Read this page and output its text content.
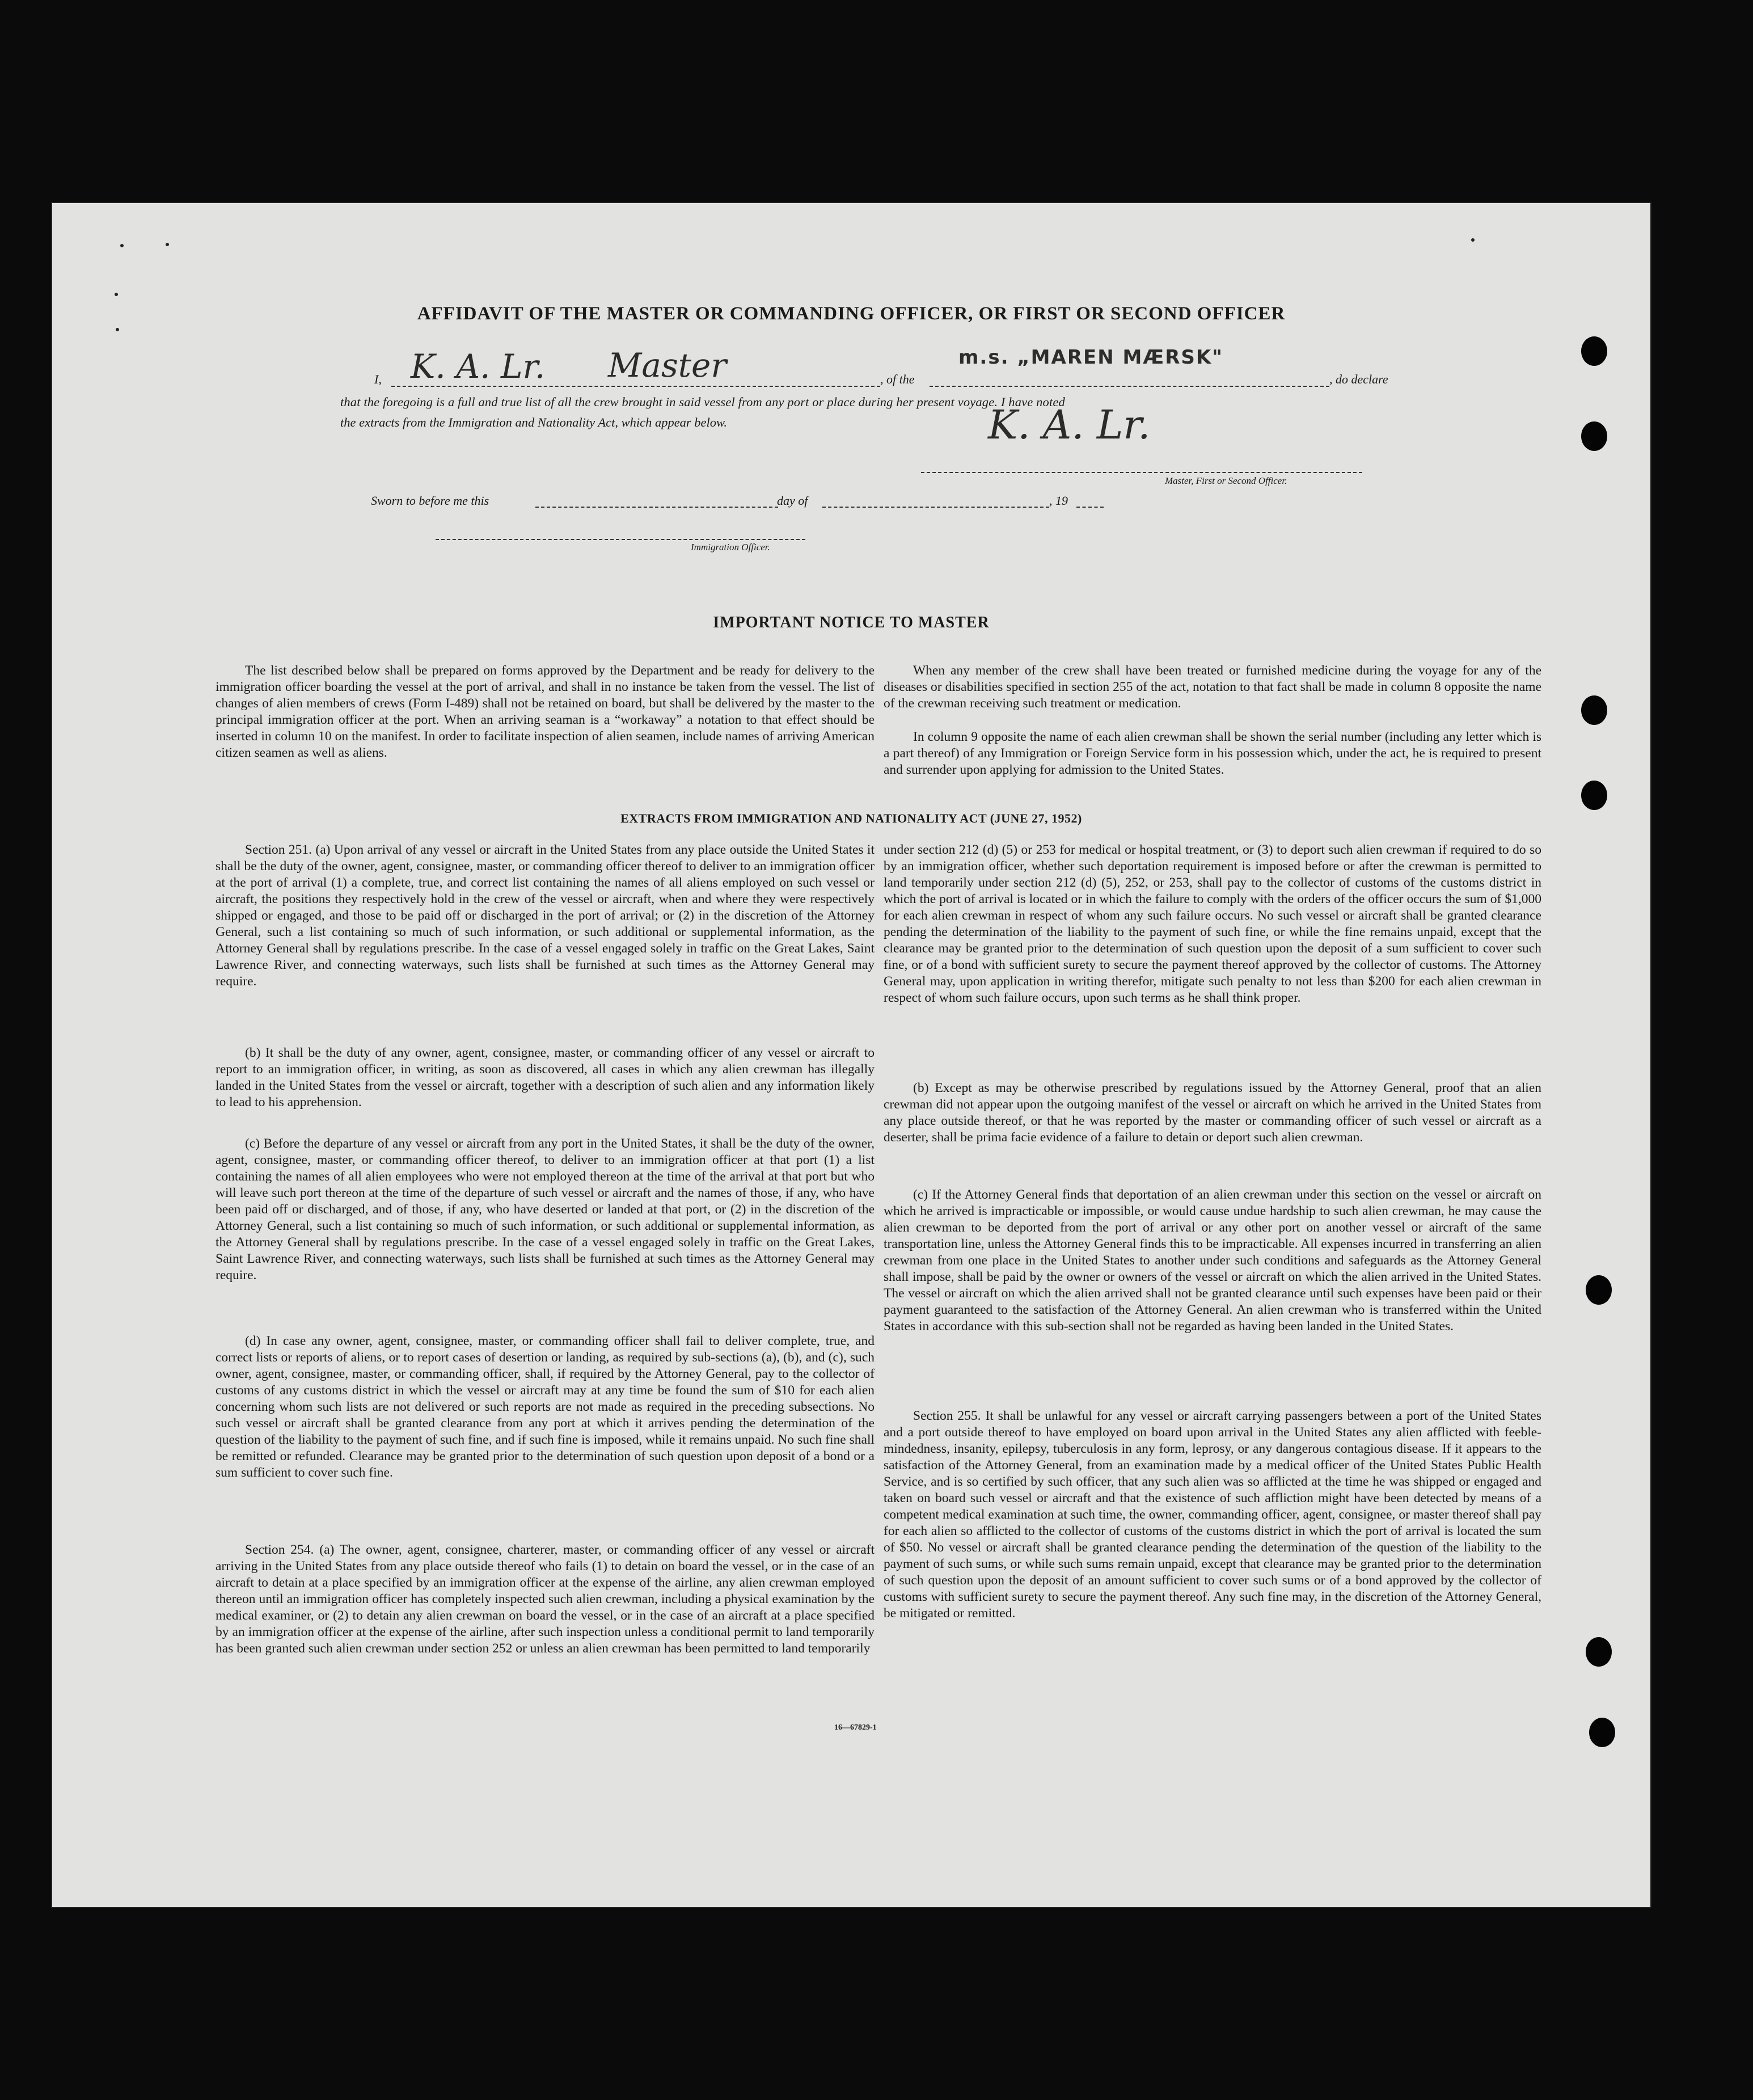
AFFIDAVIT OF THE MASTER OR COMMANDING OFFICER, OR FIRST OR SECOND OFFICER
I, K. A. Lr. Master	, of the
m.s. „MAREN MÆRSK"
, do declare
that the foregoing is a full and true list of all the crew brought in said vessel from any port or place during her present voyage. I have noted
the extracts from the Immigration and Nationality Act, which appear below.	K. A. Lr.
Master, First or Second Officer.
Sworn to before me this	day of	, 19
Immigration Officer.
IMPORTANT NOTICE TO MASTER

The list described below shall be prepared on forms approved by the Department and be ready for delivery to the immigration officer boarding the vessel at the port of arrival, and shall in no instance be taken from the vessel. The list of changes of alien members of crews (Form I-489) shall not be retained on board, but shall be delivered by the master to the principal immigration officer at the port. When an arriving seaman is a “workaway” a notation to that effect should be inserted in column 10 on the manifest. In order to facilitate inspection of alien seamen, include names of arriving American citizen seamen as well as aliens.

When any member of the crew shall have been treated or furnished medicine during the voyage for any of the diseases or disabilities specified in section 255 of the act, notation to that fact shall be made in column 8 opposite the name of the crewman receiving such treatment or medication.

In column 9 opposite the name of each alien crewman shall be shown the serial number (including any letter which is a part thereof) of any Immigration or Foreign Service form in his possession which, under the act, he is required to present and surrender upon applying for admission to the United States.

EXTRACTS FROM IMMIGRATION AND NATIONALITY ACT (JUNE 27, 1952)

Section 251. (a) Upon arrival of any vessel or aircraft in the United States from any place outside the United States it shall be the duty of the owner, agent, consignee, master, or commanding officer thereof to deliver to an immigration officer at the port of arrival (1) a complete, true, and correct list containing the names of all aliens employed on such vessel or aircraft, the positions they respectively hold in the crew of the vessel or aircraft, when and where they were respectively shipped or engaged, and those to be paid off or discharged in the port of arrival; or (2) in the discretion of the Attorney General, such a list containing so much of such information, or such additional or supplemental information, as the Attorney General shall by regulations prescribe. In the case of a vessel engaged solely in traffic on the Great Lakes, Saint Lawrence River, and connecting waterways, such lists shall be furnished at such times as the Attorney General may require.

(b) It shall be the duty of any owner, agent, consignee, master, or commanding officer of any vessel or aircraft to report to an immigration officer, in writing, as soon as discovered, all cases in which any alien crewman has illegally landed in the United States from the vessel or aircraft, together with a description of such alien and any information likely to lead to his apprehension.

(c) Before the departure of any vessel or aircraft from any port in the United States, it shall be the duty of the owner, agent, consignee, master, or commanding officer thereof, to deliver to an immigration officer at that port (1) a list containing the names of all alien employees who were not employed thereon at the time of the arrival at that port but who will leave such port thereon at the time of the departure of such vessel or aircraft and the names of those, if any, who have been paid off or discharged, and of those, if any, who have deserted or landed at that port, or (2) in the discretion of the Attorney General, such a list containing so much of such information, or such additional or supplemental information, as the Attorney General shall by regulations prescribe. In the case of a vessel engaged solely in traffic on the Great Lakes, Saint Lawrence River, and connecting waterways, such lists shall be furnished at such times as the Attorney General may require.

(d) In case any owner, agent, consignee, master, or commanding officer shall fail to deliver complete, true, and correct lists or reports of aliens, or to report cases of desertion or landing, as required by sub-sections (a), (b), and (c), such owner, agent, consignee, master, or commanding officer, shall, if required by the Attorney General, pay to the collector of customs of any customs district in which the vessel or aircraft may at any time be found the sum of $10 for each alien concerning whom such lists are not delivered or such reports are not made as required in the preceding subsections. No such vessel or aircraft shall be granted clearance from any port at which it arrives pending the determination of the question of the liability to the payment of such fine, and if such fine is imposed, while it remains unpaid. No such fine shall be remitted or refunded. Clearance may be granted prior to the determination of such question upon deposit of a bond or a sum sufficient to cover such fine.

Section 254. (a) The owner, agent, consignee, charterer, master, or commanding officer of any vessel or aircraft arriving in the United States from any place outside thereof who fails (1) to detain on board the vessel, or in the case of an aircraft to detain at a place specified by an immigration officer at the expense of the airline, any alien crewman employed thereon until an immigration officer has completely inspected such alien crewman, including a physical examination by the medical examiner, or (2) to detain any alien crewman on board the vessel, or in the case of an aircraft at a place specified by an immigration officer at the expense of the airline, after such inspection unless a conditional permit to land temporarily has been granted such alien crewman under section 252 or unless an alien crewman has been permitted to land temporarily

under section 212 (d) (5) or 253 for medical or hospital treatment, or (3) to deport such alien crewman if required to do so by an immigration officer, whether such deportation requirement is imposed before or after the crewman is permitted to land temporarily under section 212 (d) (5), 252, or 253, shall pay to the collector of customs of the customs district in which the port of arrival is located or in which the failure to comply with the orders of the officer occurs the sum of $1,000 for each alien crewman in respect of whom any such failure occurs. No such vessel or aircraft shall be granted clearance pending the determination of the liability to the payment of such fine, or while the fine remains unpaid, except that the clearance may be granted prior to the determination of such question upon the deposit of a sum sufficient to cover such fine, or of a bond with sufficient surety to secure the payment thereof approved by the collector of customs. The Attorney General may, upon application in writing therefor, mitigate such penalty to not less than $200 for each alien crewman in respect of whom such failure occurs, upon such terms as he shall think proper.

(b) Except as may be otherwise prescribed by regulations issued by the Attorney General, proof that an alien crewman did not appear upon the outgoing manifest of the vessel or aircraft on which he arrived in the United States from any place outside thereof, or that he was reported by the master or commanding officer of such vessel or aircraft as a deserter, shall be prima facie evidence of a failure to detain or deport such alien crewman.

(c) If the Attorney General finds that deportation of an alien crewman under this section on the vessel or aircraft on which he arrived is impracticable or impossible, or would cause undue hardship to such alien crewman, he may cause the alien crewman to be deported from the port of arrival or any other port on another vessel or aircraft of the same transportation line, unless the Attorney General finds this to be impracticable. All expenses incurred in transferring an alien crewman from one place in the United States to another under such conditions and safeguards as the Attorney General shall impose, shall be paid by the owner or owners of the vessel or aircraft on which the alien arrived in the United States. The vessel or aircraft on which the alien arrived shall not be granted clearance until such expenses have been paid or their payment guaranteed to the satisfaction of the Attorney General. An alien crewman who is transferred within the United States in accordance with this sub-section shall not be regarded as having been landed in the United States.

Section 255. It shall be unlawful for any vessel or aircraft carrying passengers between a port of the United States and a port outside thereof to have employed on board upon arrival in the United States any alien afflicted with feeble-mindedness, insanity, epilepsy, tuberculosis in any form, leprosy, or any dangerous contagious disease. If it appears to the satisfaction of the Attorney General, from an examination made by a medical officer of the United States Public Health Service, and is so certified by such officer, that any such alien was so afflicted at the time he was shipped or engaged and taken on board such vessel or aircraft and that the existence of such affliction might have been detected by means of a competent medical examination at such time, the owner, commanding officer, agent, consignee, or master thereof shall pay for each alien so afflicted to the collector of customs of the customs district in which the port of arrival is located the sum of $50. No vessel or aircraft shall be granted clearance pending the determination of the question of the liability to the payment of such sums, or while such sums remain unpaid, except that clearance may be granted prior to the determination of such question upon the deposit of an amount sufficient to cover such sums or of a bond approved by the collector of customs with sufficient surety to secure the payment thereof. Any such fine may, in the discretion of the Attorney General, be mitigated or remitted.

16—67829-1
